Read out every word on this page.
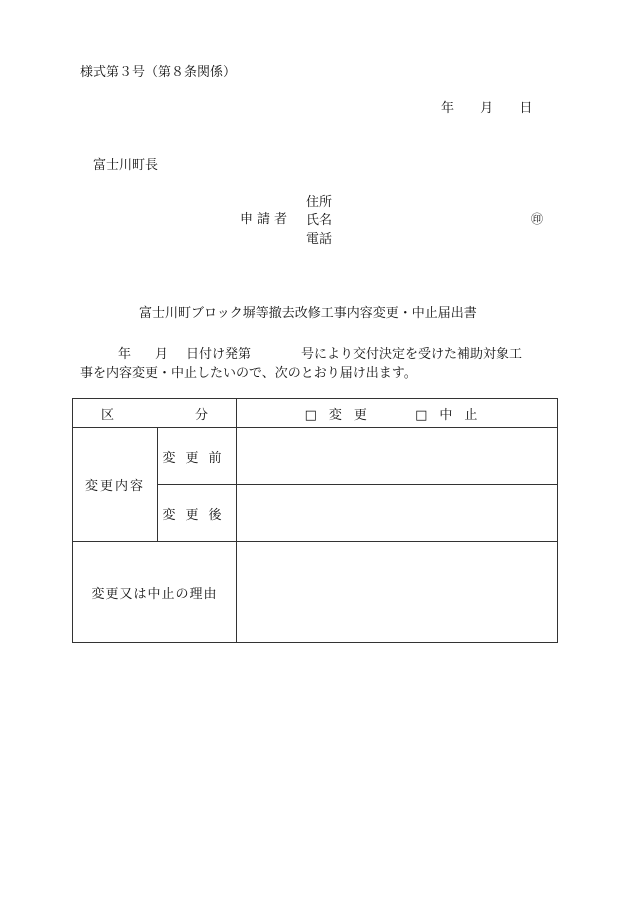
様式第３号（第８条関係）
年 月 日
富士川町長
申請者
住所
氏名
電話
㊞
富士川町ブロック塀等撤去改修工事内容変更・中止届出書
年 月 日付け発第	号により交付決定を受けた補助対象工
事を内容変更・中止したいので、次のとおり届け出ます。
区 分		□ 変更 □ 中止
変更内容	変更前	
	変更後	
変更又は中止の理由		
